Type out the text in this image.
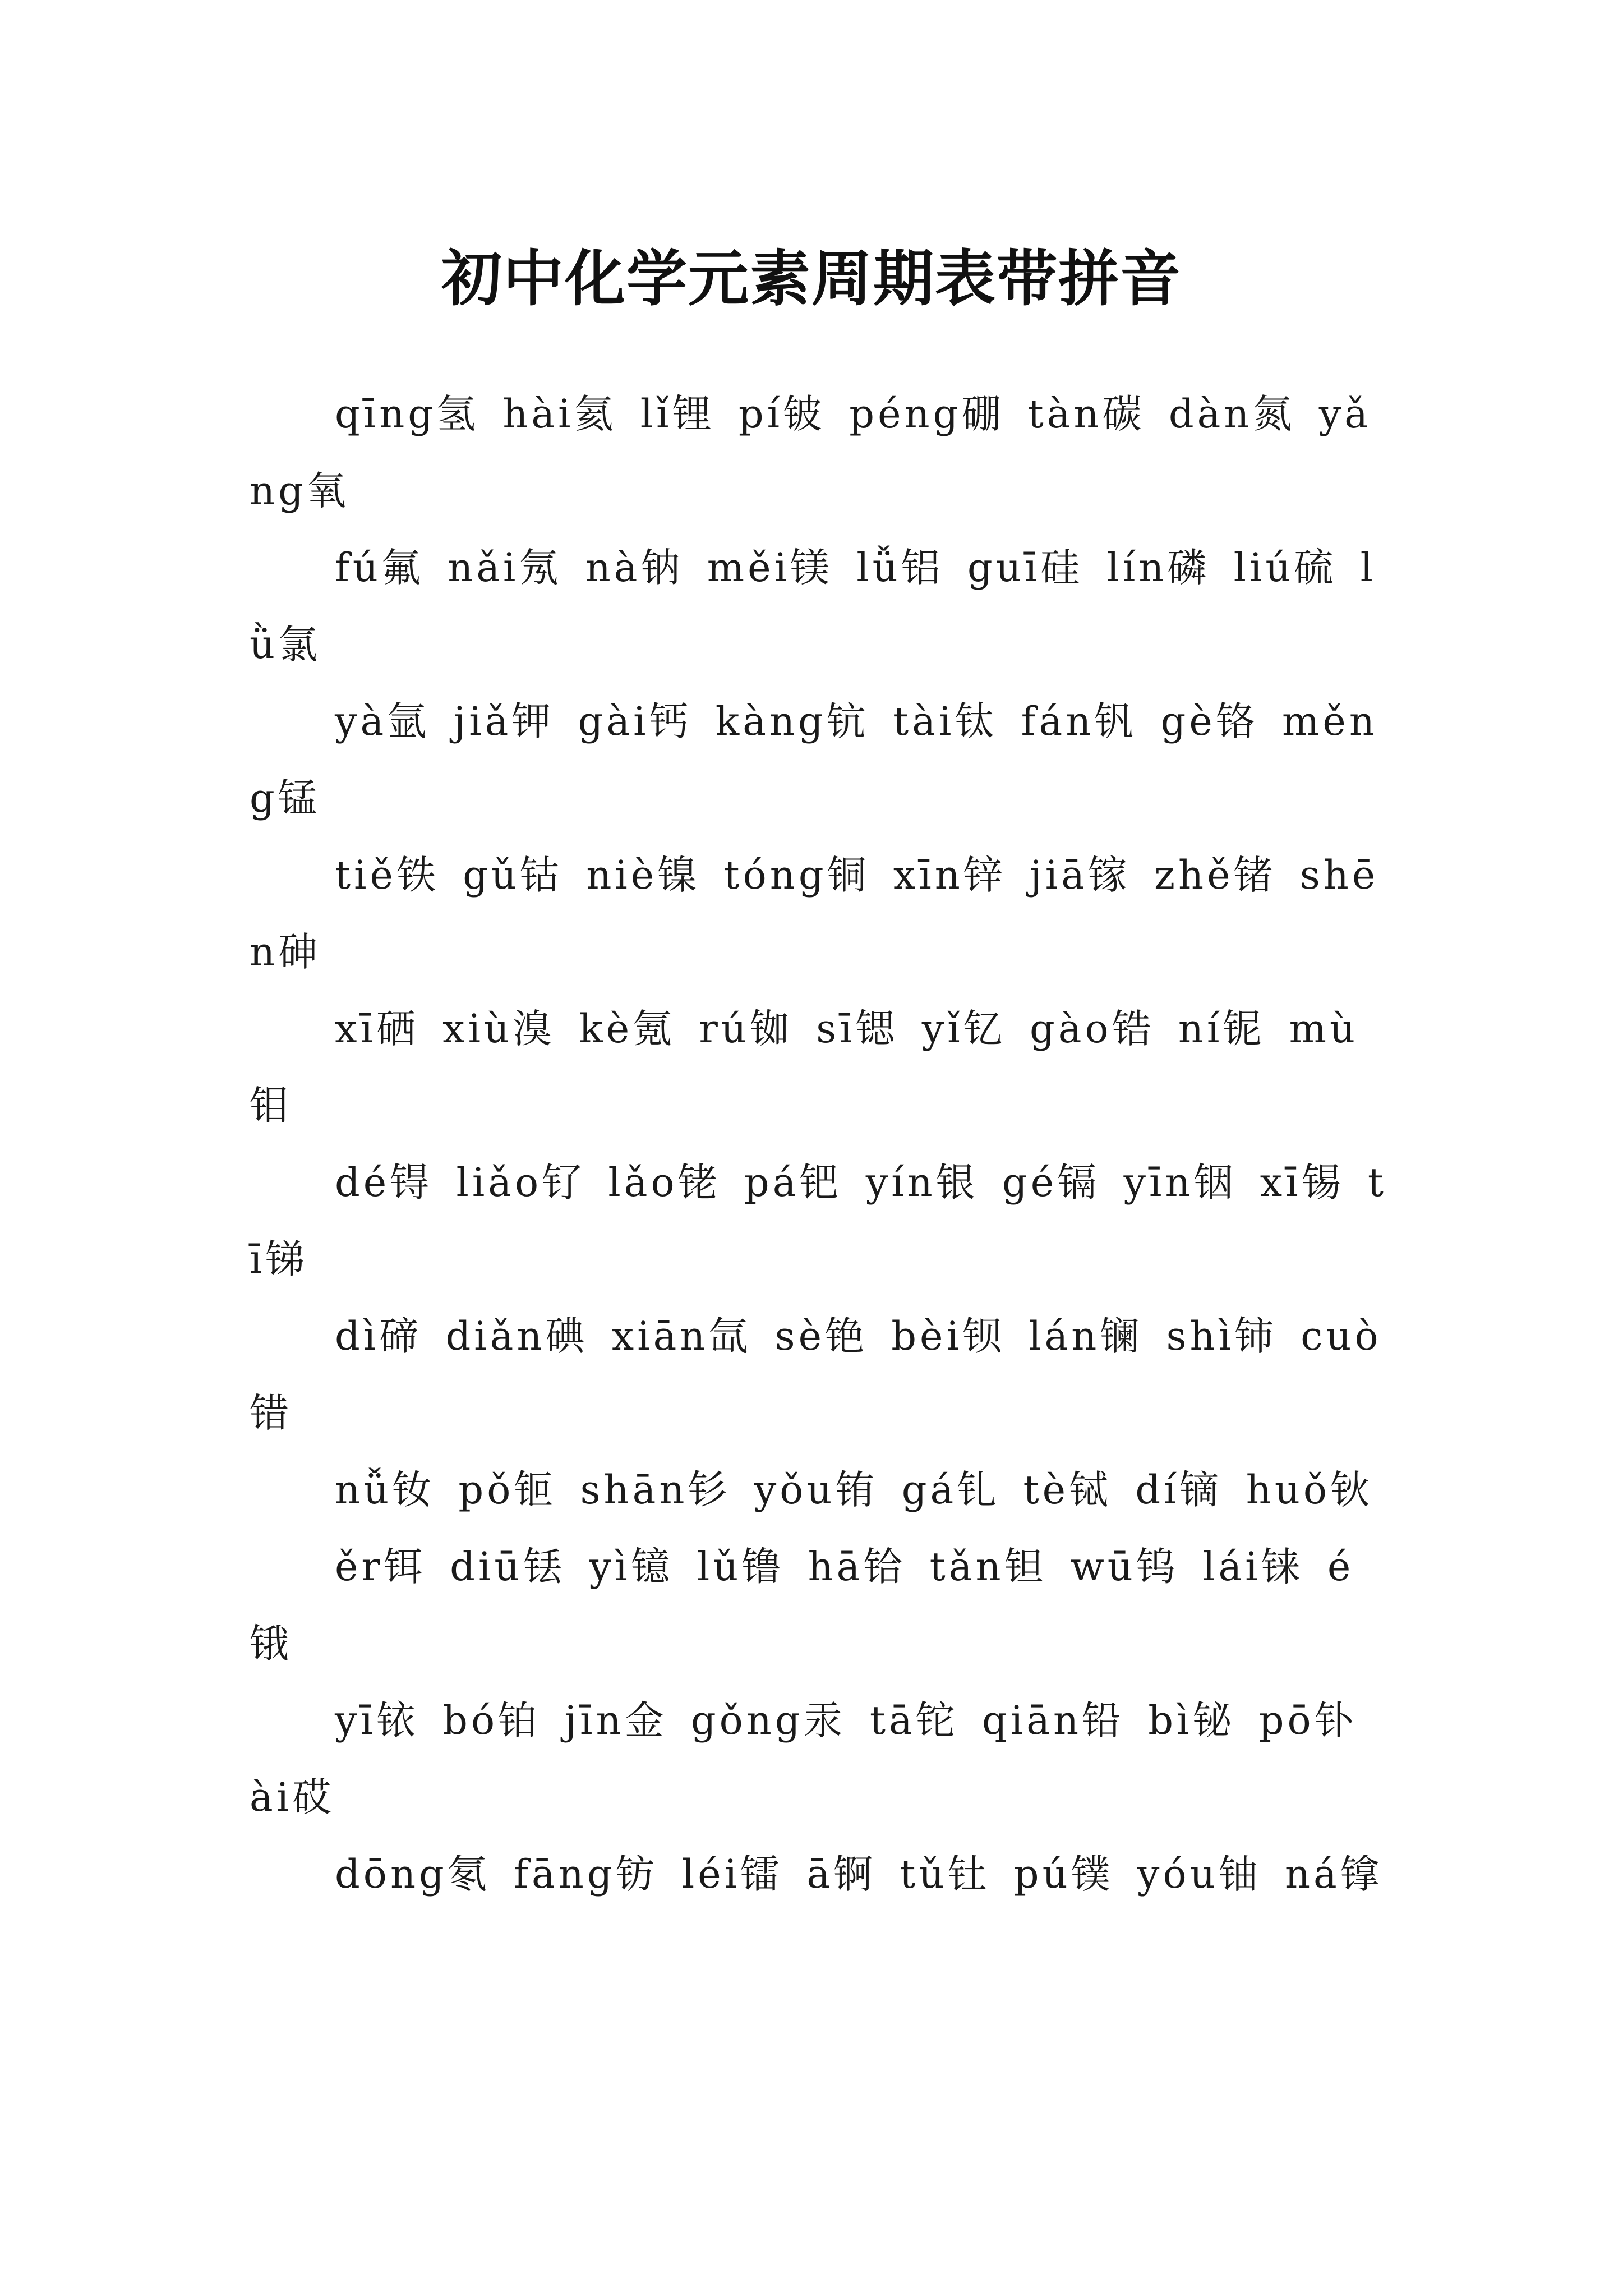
初中化学元素周期表带拼音

qīng氢 hài氦 lǐ锂 pí铍 péng硼 tàn碳 dàn氮 yǎng氧

fú氟 nǎi氖 nà钠 měi镁 lǚ铝 guī硅 lín磷 liú硫 lǜ氯

yà氩 jiǎ钾 gài钙 kàng钪 tài钛 fán钒 gè铬 měng锰

tiě铁 gǔ钴 niè镍 tóng铜 xīn锌 jiā镓 zhě锗 shēn砷

xī硒 xiù溴 kè氪 rú铷 sī锶 yǐ钇 gào锆 ní铌 mù钼

dé锝 liǎo钌 lǎo铑 pá钯 yín银 gé镉 yīn铟 xī锡 tī锑

dì碲 diǎn碘 xiān氙 sè铯 bèi钡 lán镧 shì铈 cuò错

nǚ钕 pǒ钷 shān钐 yǒu铕 gá钆 tè铽 dí镝 huǒ钬

ěr铒 diū铥 yì镱 lǔ镥 hā铪 tǎn钽 wū钨 lái铼 é锇

yī铱 bó铂 jīn金 gǒng汞 tā铊 qiān铅 bì铋 pō钋 ài砹

dōng氡 fāng钫 léi镭 ā锕 tǔ钍 pú镤 yóu铀 ná镎
